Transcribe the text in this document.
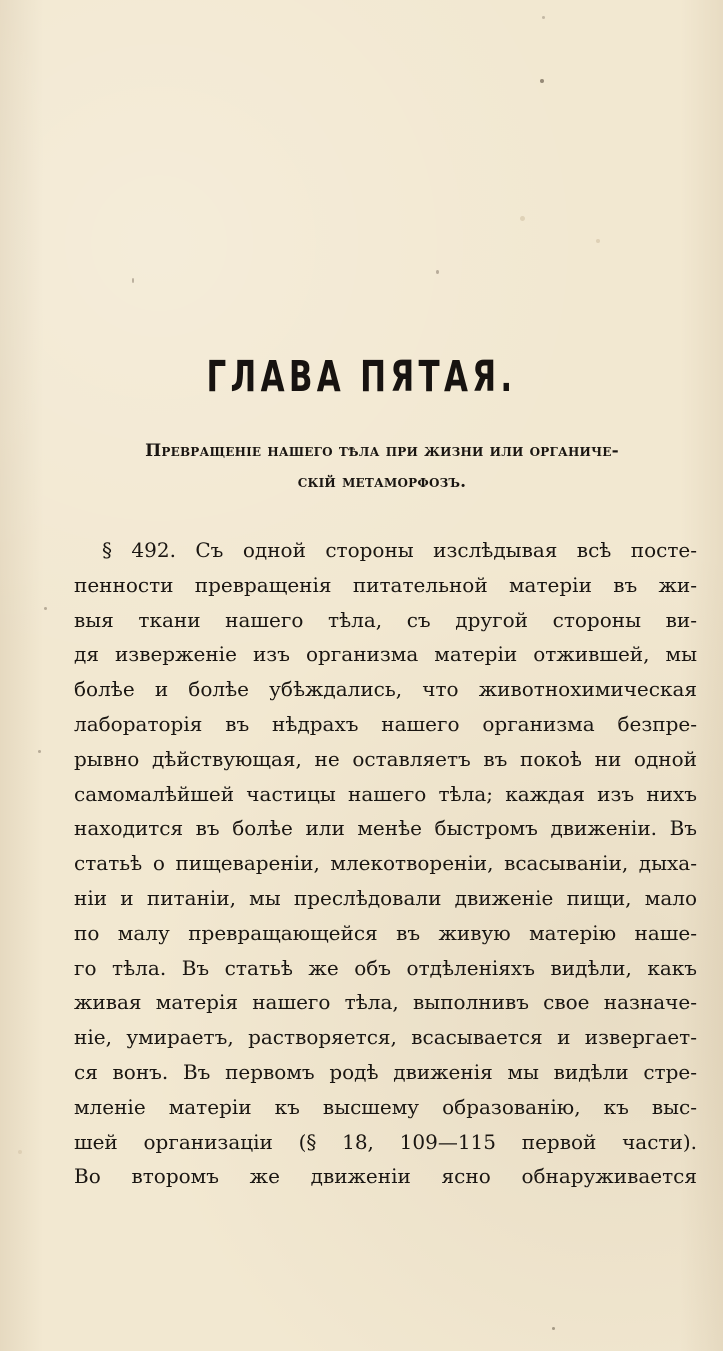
ГЛАВА ПЯТАЯ.
Превращеніе нашего тѣла при жизни или органиче-
скій метаморфозъ.
§ 492. Съ одной стороны изслѣдывая всѣ посте-
пенности превращенія питательной матеріи въ жи-
выя ткани нашего тѣла, съ другой стороны ви-
дя изверженіе изъ организма матеріи отжившей, мы
болѣе и болѣе убѣждались, что животнохимическая
лабораторія въ нѣдрахъ нашего организма безпре-
рывно дѣйствующая, не оставляетъ въ покоѣ ни одной
самомалѣйшей частицы нашего тѣла; каждая изъ нихъ
находится въ болѣе или менѣе быстромъ движеніи. Въ
статьѣ о пищевареніи, млекотвореніи, всасываніи, дыха-
ніи и питаніи, мы преслѣдовали движеніе пищи, мало
по малу превращающейся въ живую матерію наше-
го тѣла. Въ статьѣ же объ отдѣленіяхъ видѣли, какъ
живая матерія нашего тѣла, выполнивъ свое назначе-
ніе, умираетъ, растворяется, всасывается и извергает-
ся вонъ. Въ первомъ родѣ движенія мы видѣли стре-
мленіе матеріи къ высшему образованію, къ выс-
шей организаціи (§ 18, 109—115 первой части).
Во второмъ же движеніи ясно обнаруживается
